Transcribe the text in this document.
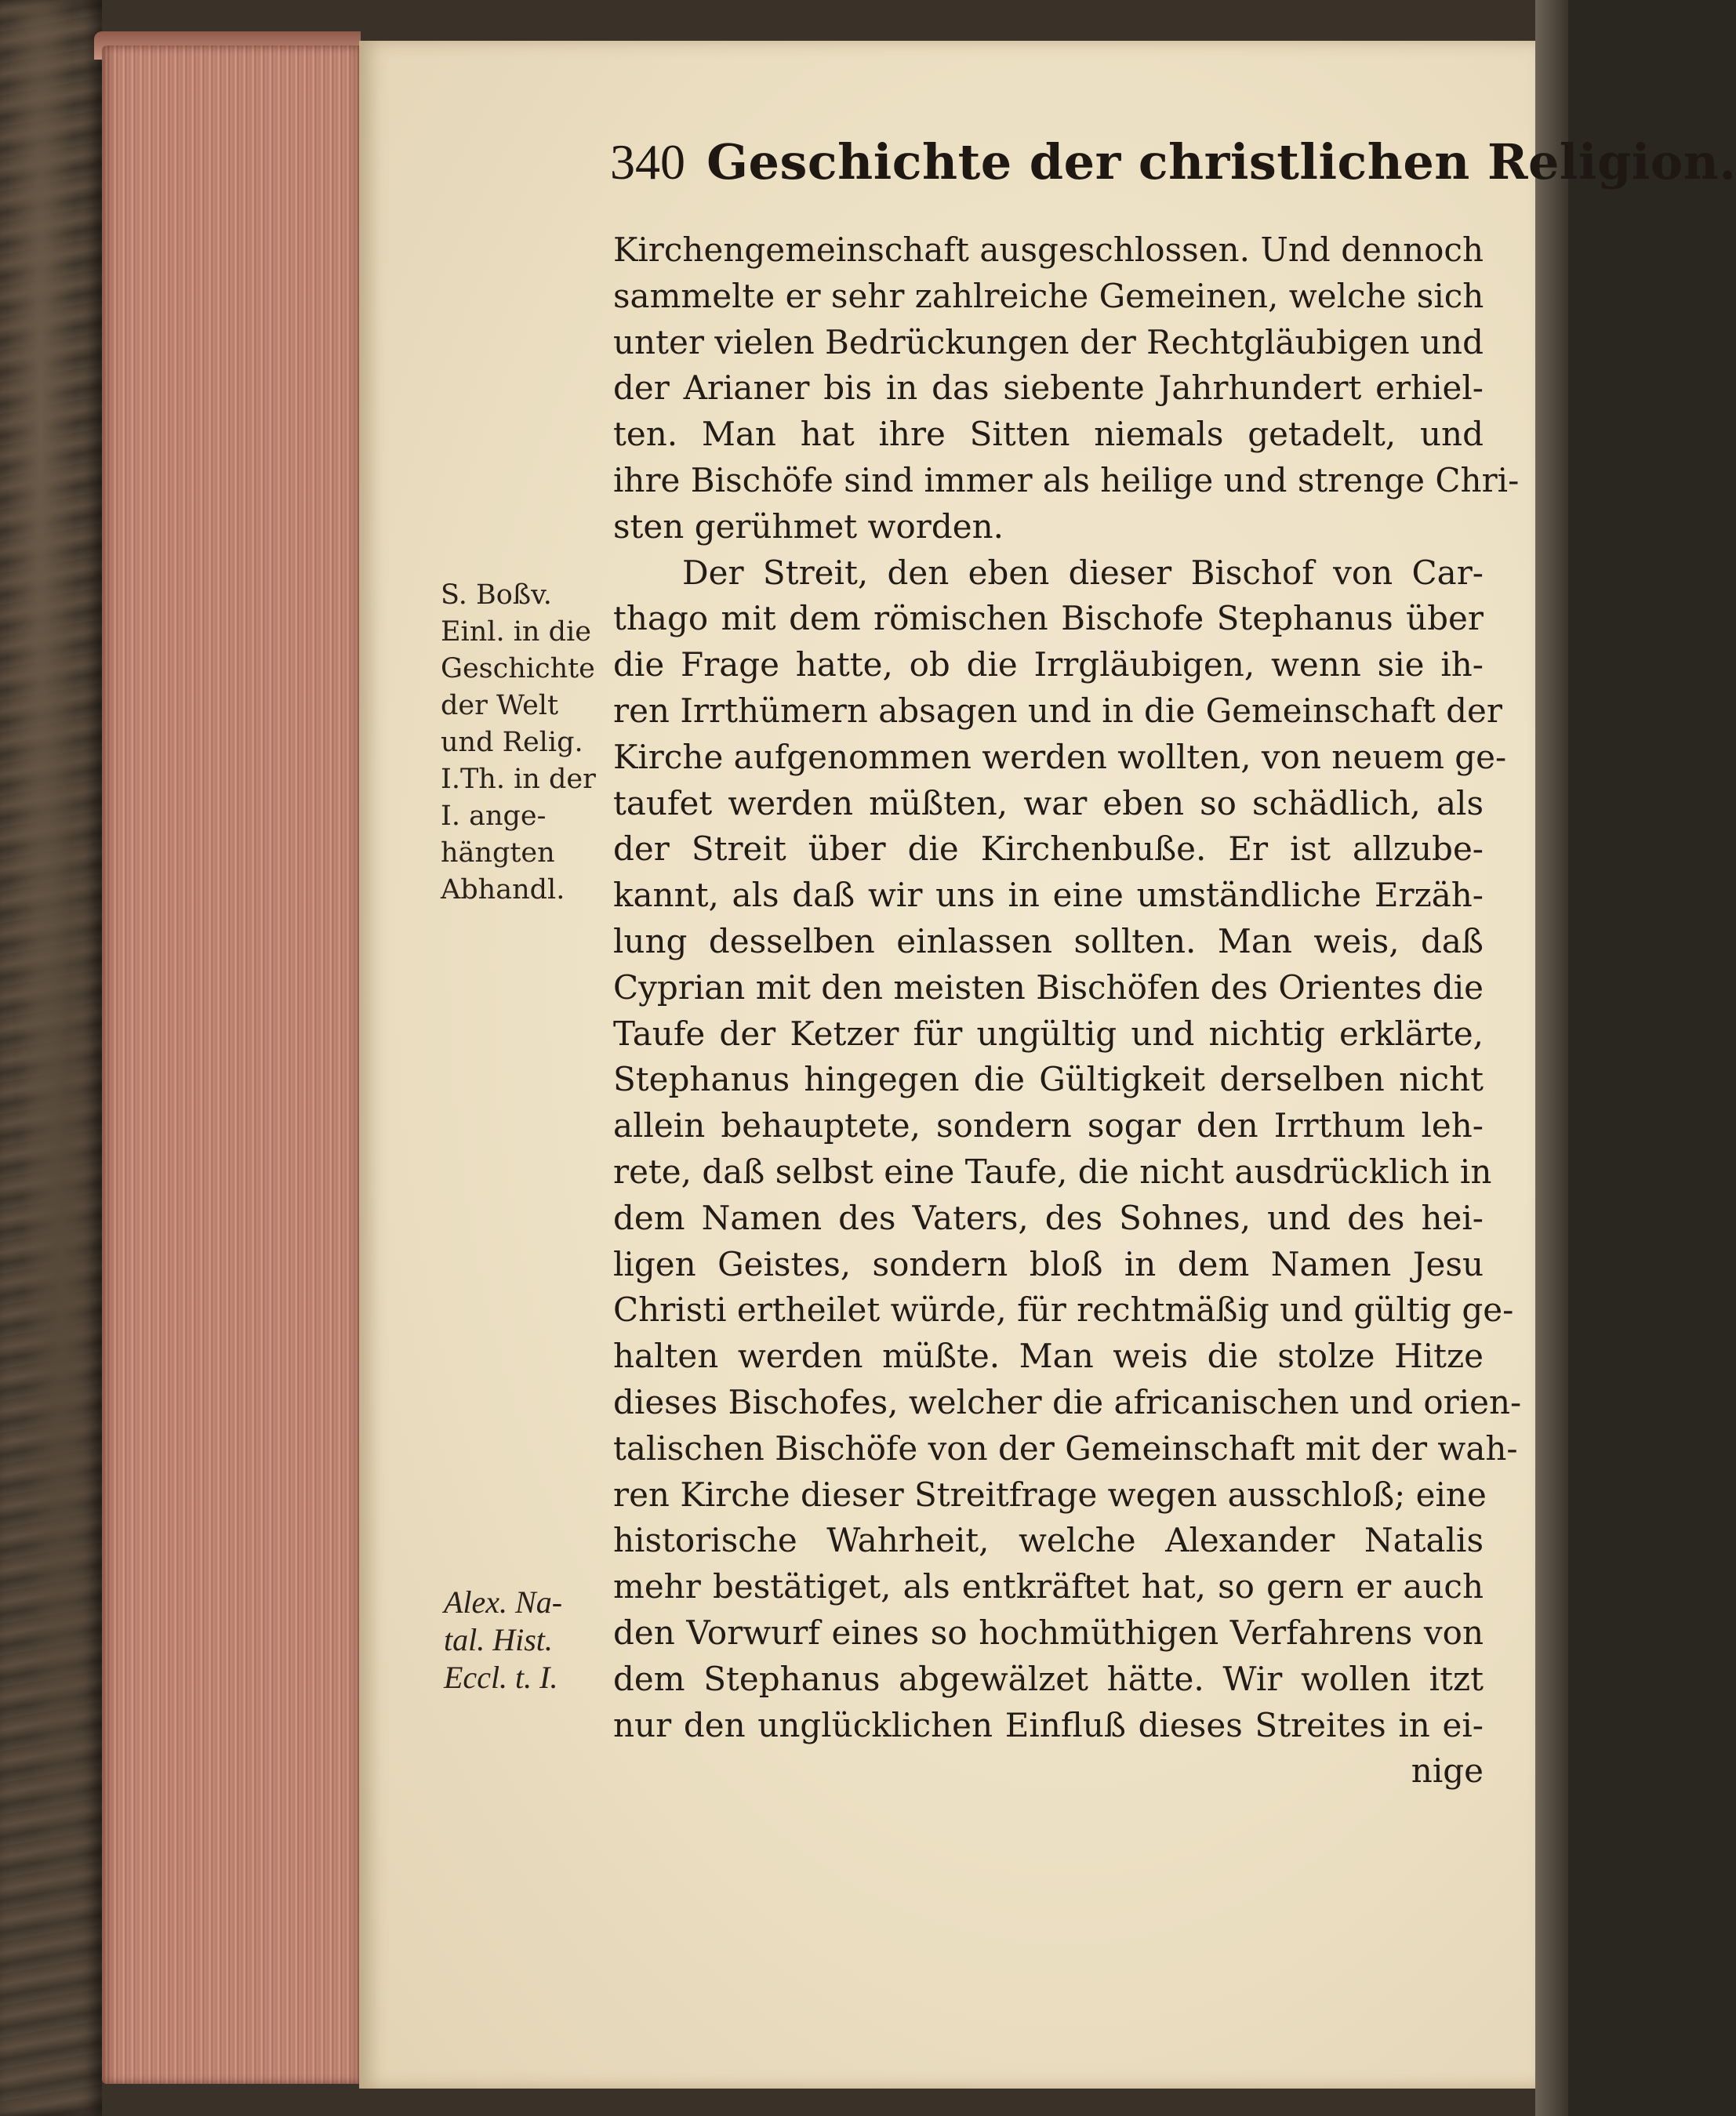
340 Geschichte der christlichen Religion.
Kirchengemeinschaft ausgeschlossen. Und dennoch
sammelte er sehr zahlreiche Gemeinen, welche sich
unter vielen Bedrückungen der Rechtgläubigen und
der Arianer bis in das siebente Jahrhundert erhiel-
ten. Man hat ihre Sitten niemals getadelt, und
ihre Bischöfe sind immer als heilige und strenge Chri-
sten gerühmet worden.
Der Streit, den eben dieser Bischof von Car-
thago mit dem römischen Bischofe Stephanus über
die Frage hatte, ob die Irrgläubigen, wenn sie ih-
ren Irrthümern absagen und in die Gemeinschaft der
Kirche aufgenommen werden wollten, von neuem ge-
taufet werden müßten, war eben so schädlich, als
der Streit über die Kirchenbuße. Er ist allzube-
kannt, als daß wir uns in eine umständliche Erzäh-
lung desselben einlassen sollten. Man weis, daß
Cyprian mit den meisten Bischöfen des Orientes die
Taufe der Ketzer für ungültig und nichtig erklärte,
Stephanus hingegen die Gültigkeit derselben nicht
allein behauptete, sondern sogar den Irrthum leh-
rete, daß selbst eine Taufe, die nicht ausdrücklich in
dem Namen des Vaters, des Sohnes, und des hei-
ligen Geistes, sondern bloß in dem Namen Jesu
Christi ertheilet würde, für rechtmäßig und gültig ge-
halten werden müßte. Man weis die stolze Hitze
dieses Bischofes, welcher die africanischen und orien-
talischen Bischöfe von der Gemeinschaft mit der wah-
ren Kirche dieser Streitfrage wegen ausschloß; eine
historische Wahrheit, welche Alexander Natalis
mehr bestätiget, als entkräftet hat, so gern er auch
den Vorwurf eines so hochmüthigen Verfahrens von
dem Stephanus abgewälzet hätte. Wir wollen itzt
nur den unglücklichen Einfluß dieses Streites in ei-
nige
S. Boßv.
Einl. in die
Geschichte
der Welt
und Relig.
I.Th. in der
I. ange-
hängten
Abhandl.
Alex. Na-
tal. Hist.
Eccl. t. I.
